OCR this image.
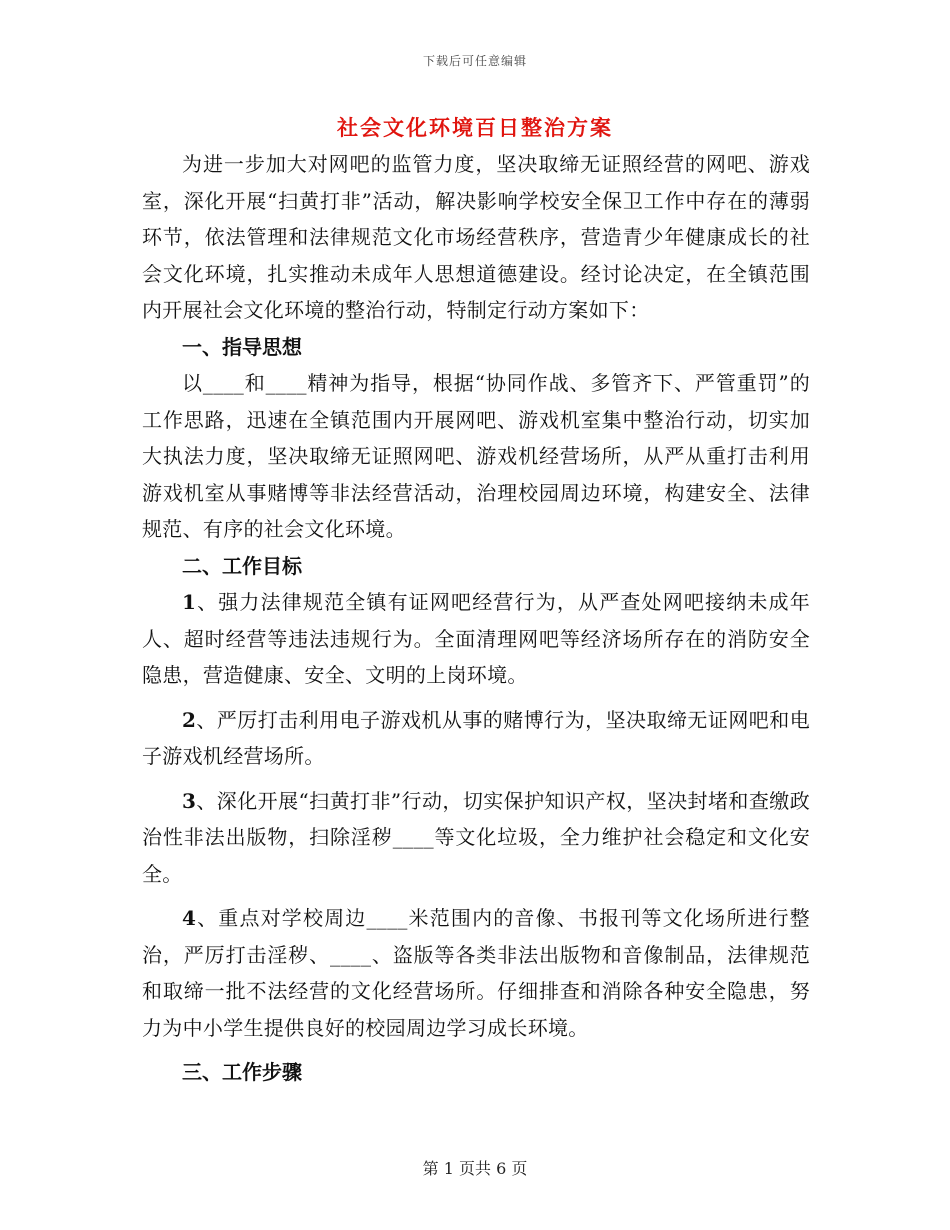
下载后可任意编辑
社会文化环境百日整治方案

为进一步加大对网吧的监管力度，坚决取缔无证照经营的网吧、游戏室，深化开展“扫黄打非”活动，解决影响学校安全保卫工作中存在的薄弱环节，依法管理和法律规范文化市场经营秩序，营造青少年健康成长的社会文化环境，扎实推动未成年人思想道德建设。经讨论决定，在全镇范围内开展社会文化环境的整治行动，特制定行动方案如下：

一、指导思想

以____和____精神为指导，根据“协同作战、多管齐下、严管重罚”的工作思路，迅速在全镇范围内开展网吧、游戏机室集中整治行动，切实加大执法力度，坚决取缔无证照网吧、游戏机经营场所，从严从重打击利用游戏机室从事赌博等非法经营活动，治理校园周边环境，构建安全、法律规范、有序的社会文化环境。

二、工作目标

1、强力法律规范全镇有证网吧经营行为，从严查处网吧接纳未成年人、超时经营等违法违规行为。全面清理网吧等经济场所存在的消防安全隐患，营造健康、安全、文明的上岗环境。

2、严厉打击利用电子游戏机从事的赌博行为，坚决取缔无证网吧和电子游戏机经营场所。

3、深化开展“扫黄打非”行动，切实保护知识产权，坚决封堵和查缴政治性非法出版物，扫除淫秽____等文化垃圾，全力维护社会稳定和文化安全。

4、重点对学校周边____米范围内的音像、书报刊等文化场所进行整治，严厉打击淫秽、____、盗版等各类非法出版物和音像制品，法律规范和取缔一批不法经营的文化经营场所。仔细排查和消除各种安全隐患，努力为中小学生提供良好的校园周边学习成长环境。

三、工作步骤

第 1 页共 6 页
